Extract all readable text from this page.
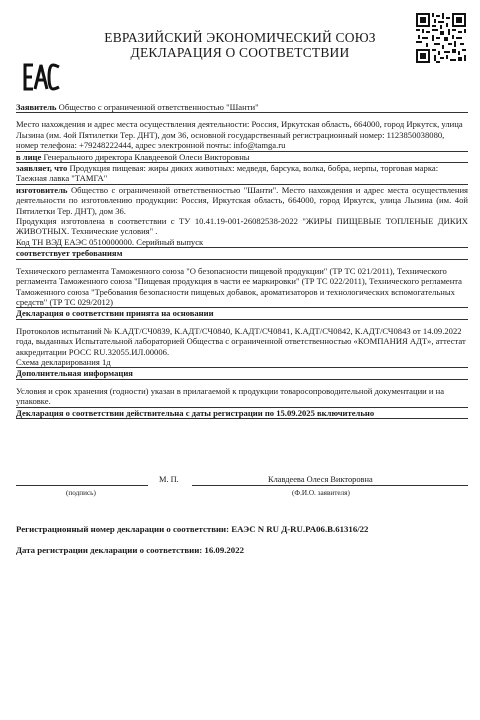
ЕВРАЗИЙСКИЙ ЭКОНОМИЧЕСКИЙ СОЮЗ
ДЕКЛАРАЦИЯ О СООТВЕТСТВИИ

Заявитель Общество с ограниченной ответственностью "Шанти"

Место нахождения и адрес места осуществления деятельности: Россия, Иркутская область, 664000, город Иркутск, улица Лызина (им. 4ой Пятилетки Тер. ДНТ), дом 36, основной государственный регистрационный номер: 1123850038080, номер телефона: +79248222444, адрес электронной почты: info@tamga.ru

в лице Генерального директора Клавдеевой Олеси Викторовны

заявляет, что Продукция пищевая: жиры диких животных: медведя, барсука, волка, бобра, нерпы, торговая марка: Таежная лавка "ТАМГА"

изготовитель Общество с ограниченной ответственностью "Шанти". Место нахождения и адрес места осуществления деятельности по изготовлению продукции: Россия, Иркутская область, 664000, город Иркутск, улица Лызина (им. 4ой Пятилетки Тер. ДНТ), дом 36.

Продукция изготовлена в соответствии с ТУ 10.41.19-001-26082538-2022 "ЖИРЫ ПИЩЕВЫЕ ТОПЛЕНЫЕ ДИКИХ ЖИВОТНЫХ. Технические условия" .

Код ТН ВЭД ЕАЭС 0510000000. Серийный выпуск

соответствует требованиям

Технического регламента Таможенного союза "О безопасности пищевой продукции" (ТР ТС 021/2011), Технического регламента Таможенного союза "Пищевая продукция в части ее маркировки" (ТР ТС 022/2011), Технического регламента Таможенного союза "Требования безопасности пищевых добавок, ароматизаторов и технологических вспомогательных средств" (ТР ТС 029/2012)

Декларация о соответствии принята на основании

Протоколов испытаний № К.АДТ/СЧ0839, К.АДТ/СЧ0840, К.АДТ/СЧ0841, К.АДТ/СЧ0842, К.АДТ/СЧ0843 от 14.09.2022 года, выданных Испытательной лабораторией Общества с ограниченной ответственностью «КОМПАНИЯ АДТ», аттестат аккредитации РОСС RU.32055.ИЛ.00006.

Схема декларирования 1д

Дополнительная информация

Условия и срок хранения (годности) указан в прилагаемой к продукции товаросопроводительной документации и на упаковке.

Декларация о соответствии действительна с даты регистрации по 15.09.2025 включительно

М. П.	Клавдеева Олеся Викторовна
(подпись)	(Ф.И.О. заявителя)
Регистрационный номер декларации о соответствии: ЕАЭС N RU Д-RU.PA06.B.61316/22
Дата регистрации декларации о соответствии: 16.09.2022
